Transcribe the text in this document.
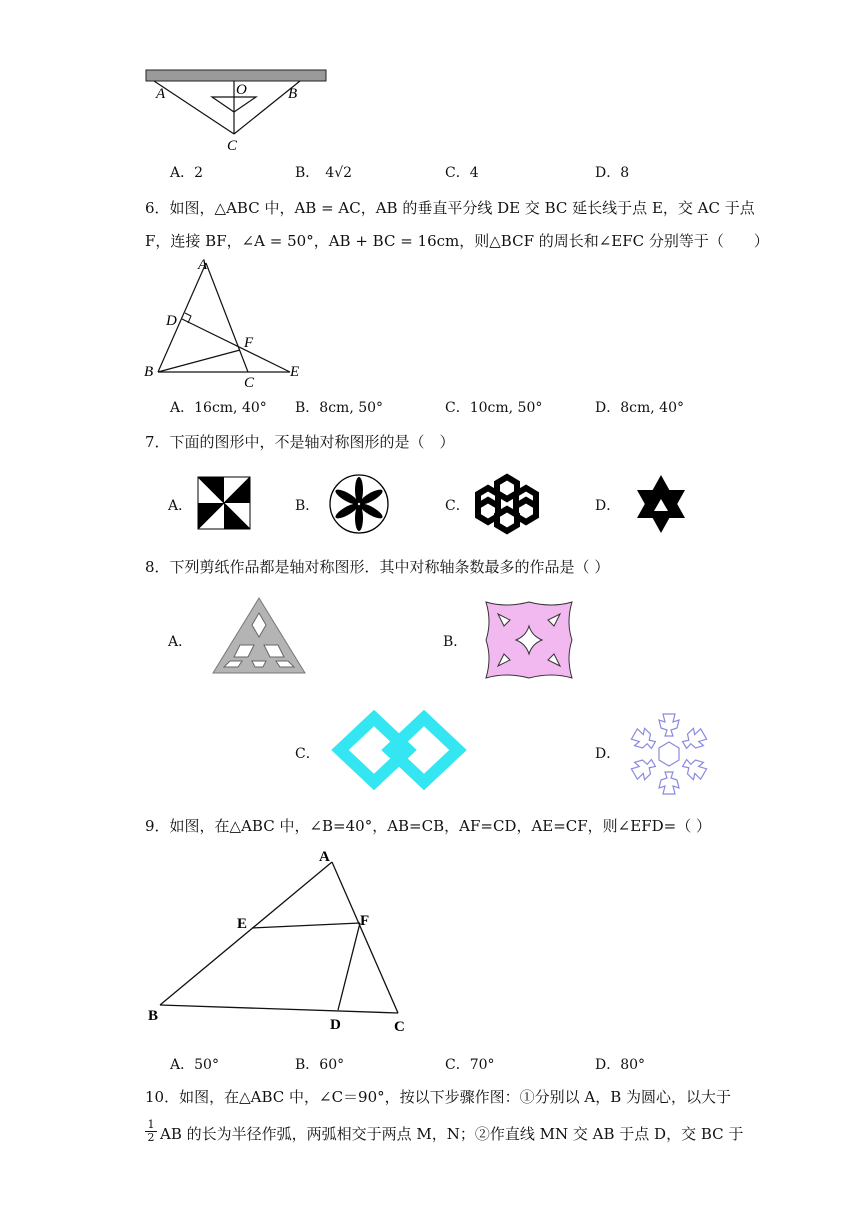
A	B
O
C
A．2	B． 4√2	C．4	D．8
6．如图，△ABC 中，AB = AC，AB 的垂直平分线 DE 交 BC 延长线于点 E，交 AC 于点
F，连接 BF，∠A = 50°，AB + BC = 16cm，则△BCF 的周长和∠EFC 分别等于（　　）
A
D
F
B
C
E
A．16cm, 40° B．8cm, 50°	C．10cm, 50°	D．8cm, 40°
7．下面的图形中，不是轴对称图形的是（　）
A．	B．	C．	D．
8．下列剪纸作品都是轴对称图形．其中对称轴条数最多的作品是（ ）
A．	B．
C．	D．
9．如图，在△ABC 中，∠B=40°，AB=CB，AF=CD，AE=CF，则∠EFD=（ ）
A
E	F
B
D	C
A．50°	B．60°	C．70°	D．80°
10．如图，在△ABC 中，∠C＝90°，按以下步骤作图：①分别以 A，B 为圆心，以大于
$\frac{1}{2}$ AB 的长为半径作弧，两弧相交于两点 M，N；②作直线 MN 交 AB 于点 D，交 BC 于
